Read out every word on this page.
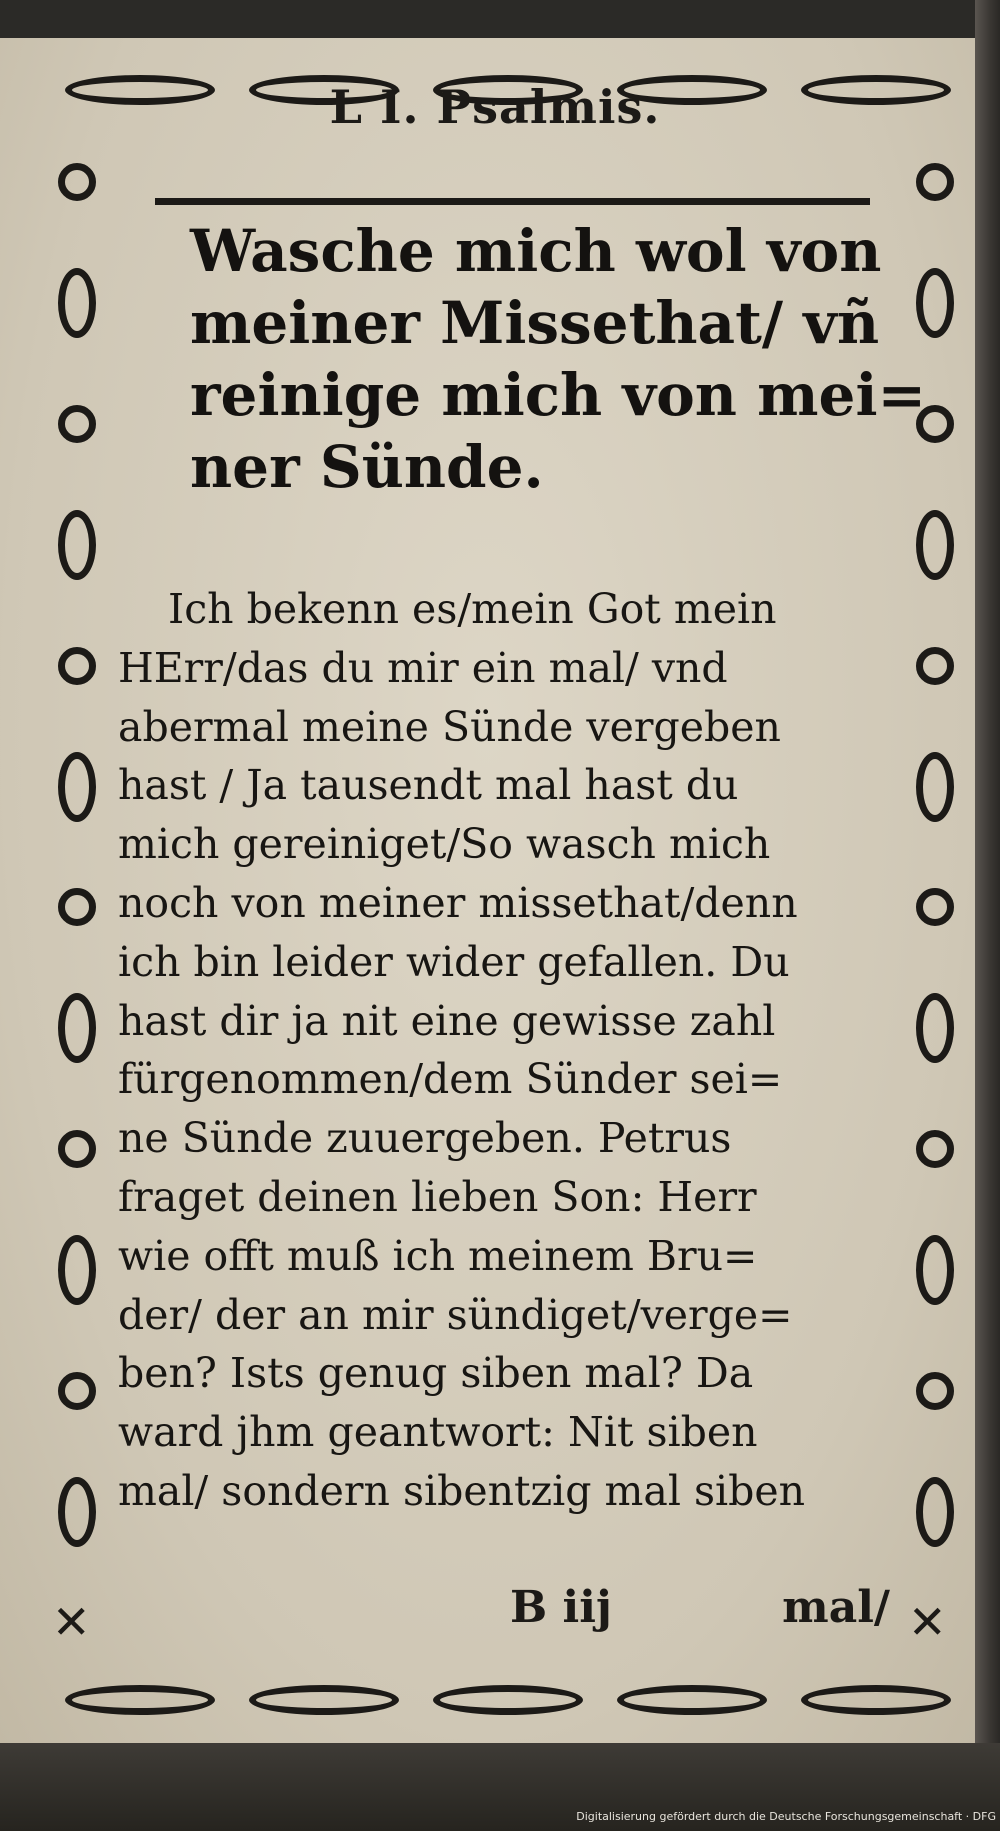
✕	✕
L I. Psalmis.
Wasche mich wol von
meiner Missethat/ vñ
reinige mich von mei=
ner Sünde.
Ich bekenn es/mein Got mein
HErr/das du mir ein mal/ vnd
abermal meine Sünde vergeben
hast / Ja tausendt mal hast du
mich gereiniget/So wasch mich
noch von meiner missethat/denn
ich bin leider wider gefallen. Du
hast dir ja nit eine gewisse zahl
fürgenommen/dem Sünder sei=
ne Sünde zuuergeben. Petrus
fraget deinen lieben Son: Herr
wie offt muß ich meinem Bru=
der/ der an mir sündiget/verge=
ben? Ists genug siben mal? Da
ward jhm geantwort: Nit siben
mal/ sondern sibentzig mal siben
B iij	mal/
Digitalisierung gefördert durch die Deutsche Forschungsgemeinschaft · DFG
